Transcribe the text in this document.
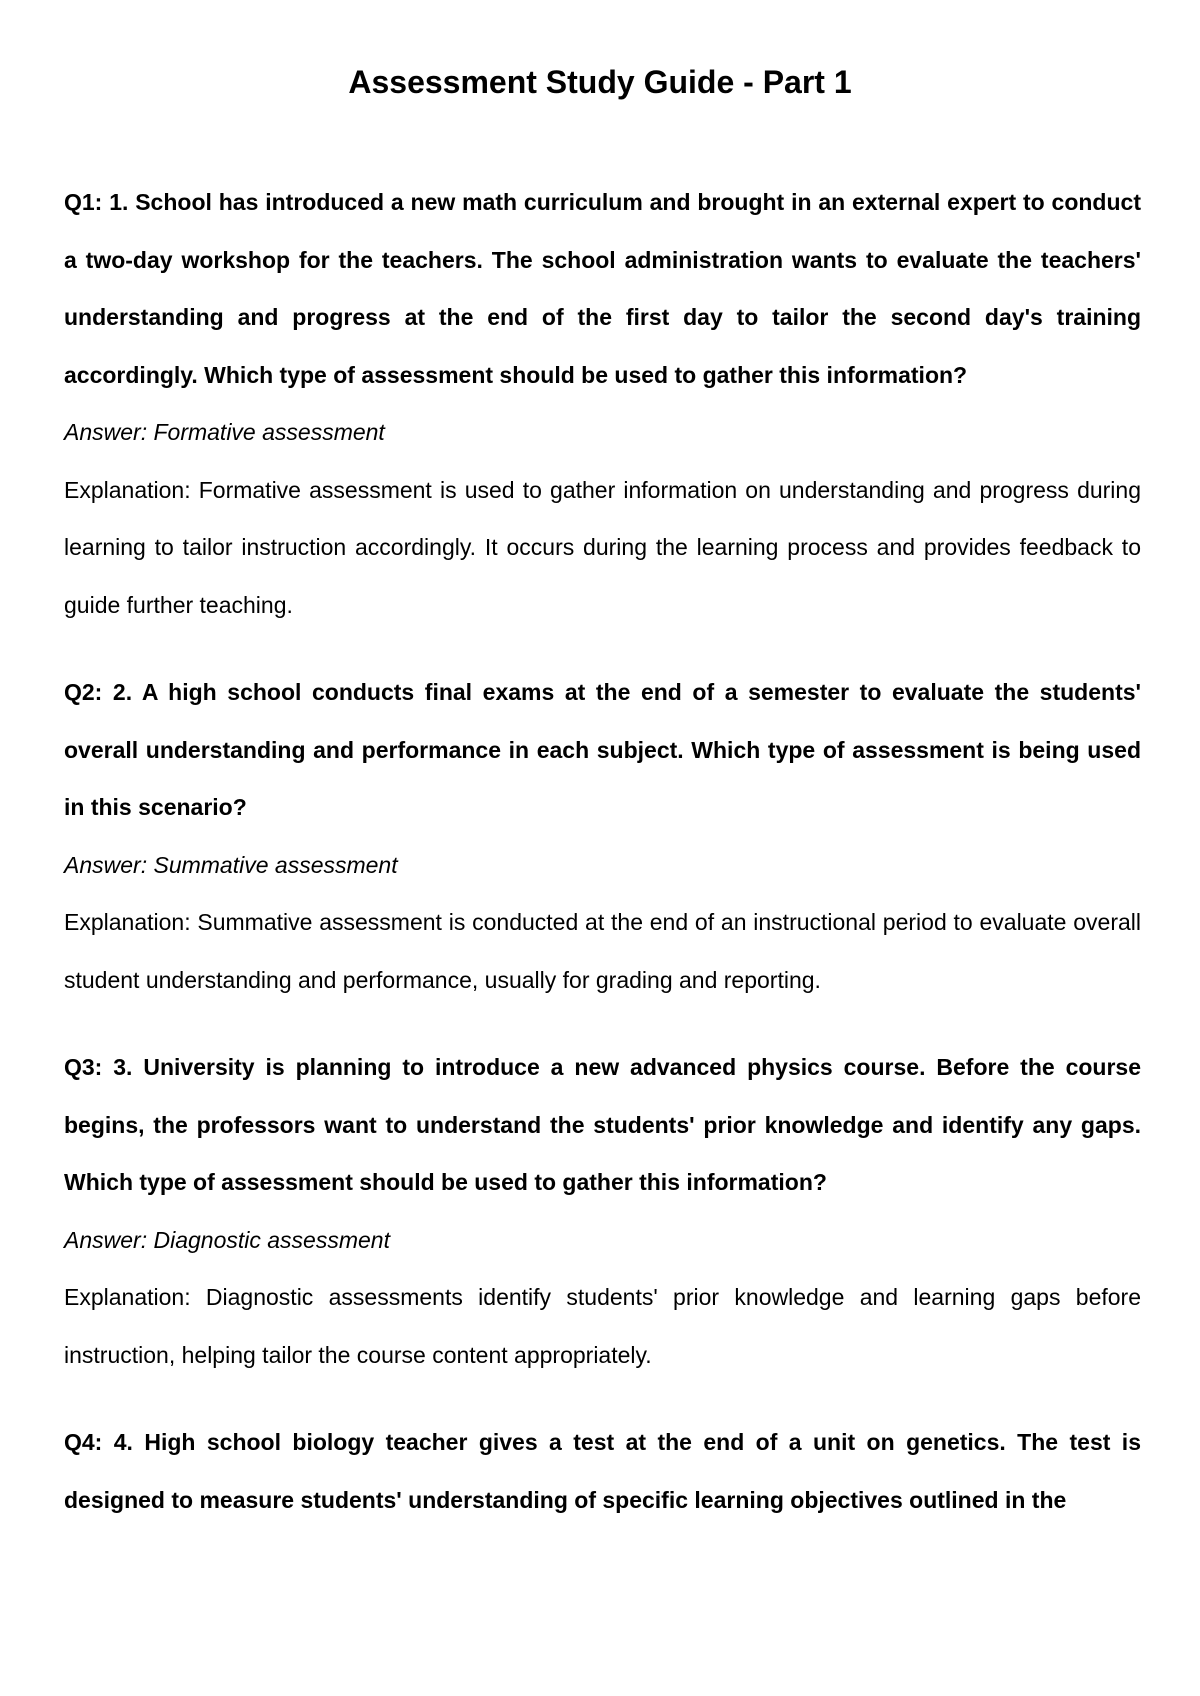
Assessment Study Guide - Part 1

Q1: 1. School has introduced a new math curriculum and brought in an external expert to conduct a two-day workshop for the teachers. The school administration wants to evaluate the teachers' understanding and progress at the end of the first day to tailor the second day's training accordingly. Which type of assessment should be used to gather this information?

Answer: Formative assessment

Explanation: Formative assessment is used to gather information on understanding and progress during learning to tailor instruction accordingly. It occurs during the learning process and provides feedback to guide further teaching.

Q2: 2. A high school conducts final exams at the end of a semester to evaluate the students' overall understanding and performance in each subject. Which type of assessment is being used in this scenario?

Answer: Summative assessment

Explanation: Summative assessment is conducted at the end of an instructional period to evaluate overall student understanding and performance, usually for grading and reporting.

Q3: 3. University is planning to introduce a new advanced physics course. Before the course begins, the professors want to understand the students' prior knowledge and identify any gaps. Which type of assessment should be used to gather this information?

Answer: Diagnostic assessment

Explanation: Diagnostic assessments identify students' prior knowledge and learning gaps before instruction, helping tailor the course content appropriately.

Q4: 4. High school biology teacher gives a test at the end of a unit on genetics. The test is designed to measure students' understanding of specific learning objectives outlined in the
